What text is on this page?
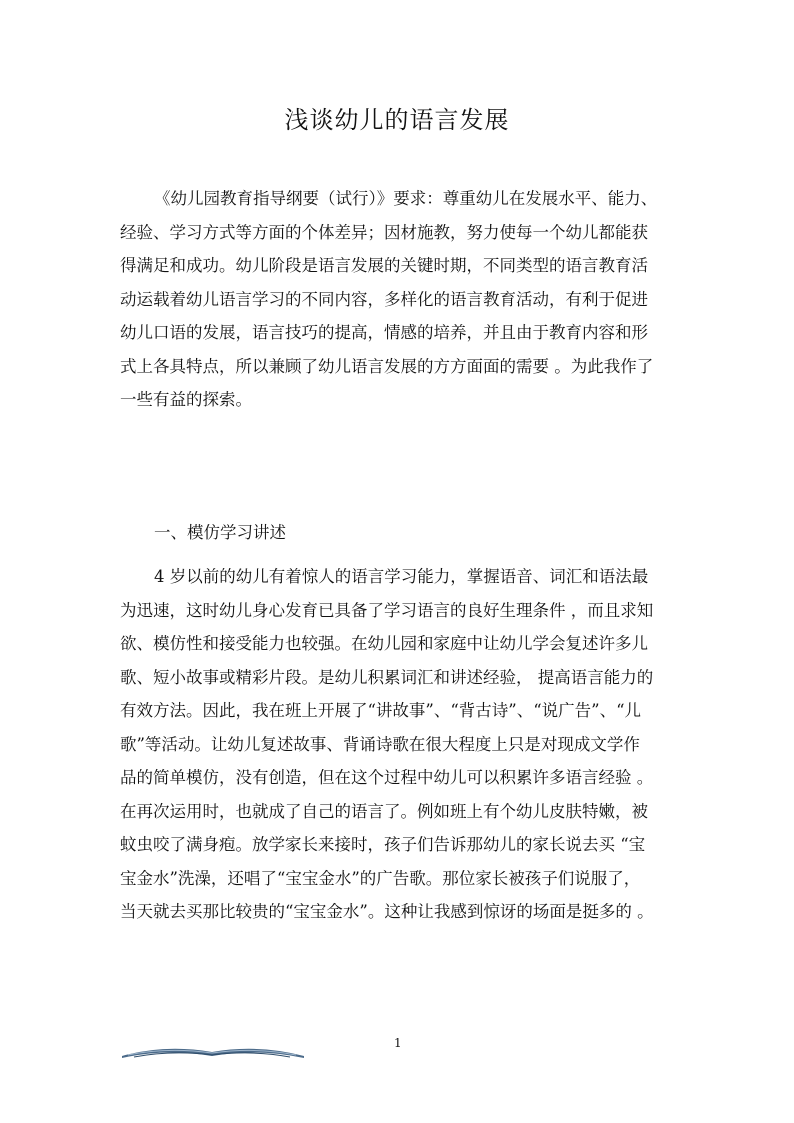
浅谈幼儿的语言发展
《幼儿园教育指导纲要（试行）》要求：尊重幼儿在发展水平、能力、
经验、学习方式等方面的个体差异；因材施教，努力使每一个幼儿都能获
得满足和成功。幼儿阶段是语言发展的关键时期，不同类型的语言教育活
动运载着幼儿语言学习的不同内容，多样化的语言教育活动，有利于促进
幼儿口语的发展，语言技巧的提高，情感的培养，并且由于教育内容和形
式上各具特点，所以兼顾了幼儿语言发展的方方面面的需要 。为此我作了
一些有益的探索。
一、模仿学习讲述
4 岁以前的幼儿有着惊人的语言学习能力，掌握语音、词汇和语法最
为迅速，这时幼儿身心发育已具备了学习语言的良好生理条件 ，而且求知
欲、模仿性和接受能力也较强。在幼儿园和家庭中让幼儿学会复述许多儿
歌、短小故事或精彩片段。是幼儿积累词汇和讲述经验， 提高语言能力的
有效方法。因此，我在班上开展了“讲故事”、“背古诗”、“说广告”、“儿
歌”等活动。让幼儿复述故事、背诵诗歌在很大程度上只是对现成文学作
品的简单模仿，没有创造，但在这个过程中幼儿可以积累许多语言经验 。
在再次运用时，也就成了自己的语言了。例如班上有个幼儿皮肤特嫩，被
蚊虫咬了满身疱。放学家长来接时，孩子们告诉那幼儿的家长说去买 “宝
宝金水”洗澡，还唱了“宝宝金水”的广告歌。那位家长被孩子们说服了，
当天就去买那比较贵的“宝宝金水”。这种让我感到惊讶的场面是挺多的 。
1
